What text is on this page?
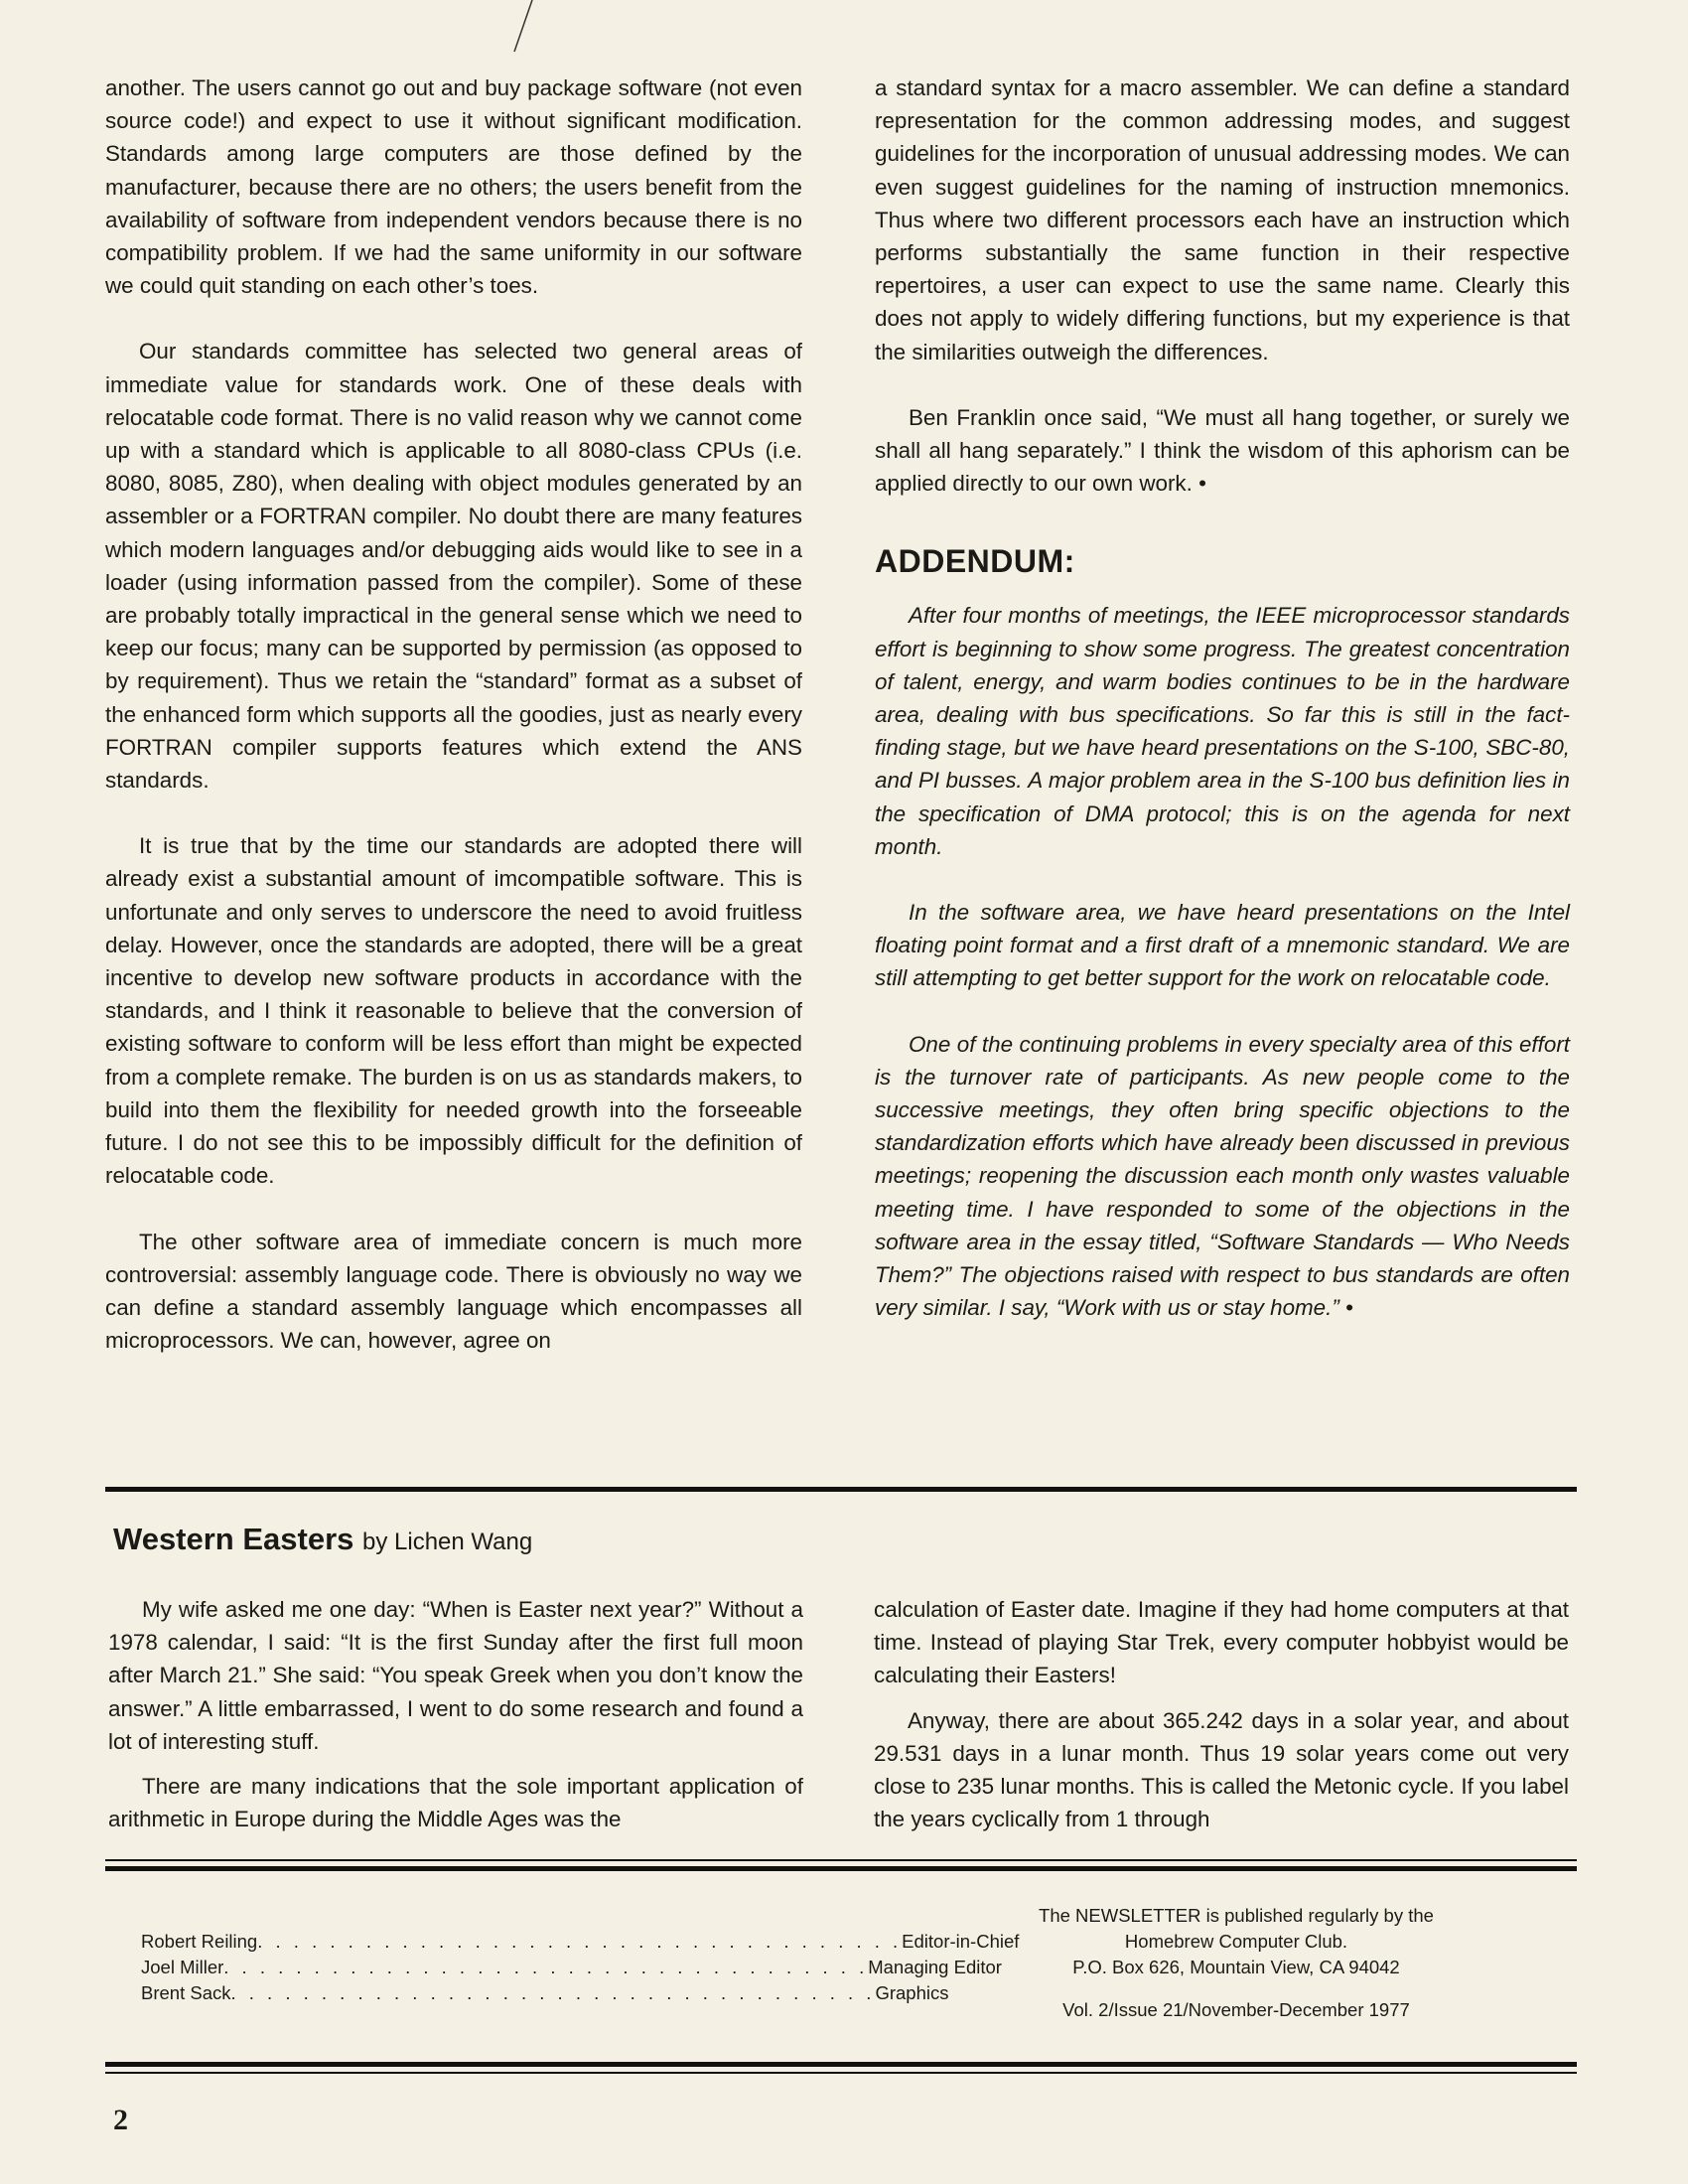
another. The users cannot go out and buy package software (not even source code!) and expect to use it without significant modification. Standards among large computers are those defined by the manufacturer, because there are no others; the users benefit from the availability of software from independent vendors because there is no compatibility problem. If we had the same uniformity in our software we could quit standing on each other’s toes.

Our standards committee has selected two general areas of immediate value for standards work. One of these deals with relocatable code format. There is no valid reason why we cannot come up with a standard which is applicable to all 8080-class CPUs (i.e. 8080, 8085, Z80), when dealing with object modules generated by an assembler or a FORTRAN compiler. No doubt there are many features which modern languages and/or debugging aids would like to see in a loader (using information passed from the compiler). Some of these are probably totally impractical in the general sense which we need to keep our focus; many can be supported by permission (as opposed to by requirement). Thus we retain the “standard” format as a subset of the enhanced form which supports all the goodies, just as nearly every FORTRAN compiler supports features which extend the ANS standards.

It is true that by the time our standards are adopted there will already exist a substantial amount of imcompatible software. This is unfortunate and only serves to underscore the need to avoid fruitless delay. However, once the standards are adopted, there will be a great incentive to develop new software products in accordance with the standards, and I think it reasonable to believe that the conversion of existing software to conform will be less effort than might be expected from a complete remake. The burden is on us as standards makers, to build into them the flexibility for needed growth into the forseeable future. I do not see this to be impossibly difficult for the definition of relocatable code.

The other software area of immediate concern is much more controversial: assembly language code. There is obviously no way we can define a standard assembly language which encompasses all microprocessors. We can, however, agree on

a standard syntax for a macro assembler. We can define a standard representation for the common addressing modes, and suggest guidelines for the incorporation of unusual addressing modes. We can even suggest guidelines for the naming of instruction mnemonics. Thus where two different processors each have an instruction which performs substantially the same function in their respective repertoires, a user can expect to use the same name. Clearly this does not apply to widely differing functions, but my experience is that the similarities outweigh the differences.

Ben Franklin once said, “We must all hang together, or surely we shall all hang separately.” I think the wisdom of this aphorism can be applied directly to our own work. •

ADDENDUM:

After four months of meetings, the IEEE microprocessor standards effort is beginning to show some progress. The greatest concentration of talent, energy, and warm bodies continues to be in the hardware area, dealing with bus specifications. So far this is still in the fact-finding stage, but we have heard presentations on the S-100, SBC-80, and PI busses. A major problem area in the S-100 bus definition lies in the specification of DMA protocol; this is on the agenda for next month.

In the software area, we have heard presentations on the Intel floating point format and a first draft of a mnemonic standard. We are still attempting to get better support for the work on relocatable code.

One of the continuing problems in every specialty area of this effort is the turnover rate of participants. As new people come to the successive meetings, they often bring specific objections to the standardization efforts which have already been discussed in previous meetings; reopening the discussion each month only wastes valuable meeting time. I have responded to some of the objections in the software area in the essay titled, “Software Standards — Who Needs Them?” The objections raised with respect to bus standards are often very similar. I say, “Work with us or stay home.” •

Western Easters by Lichen Wang

My wife asked me one day: “When is Easter next year?” Without a 1978 calendar, I said: “It is the first Sunday after the first full moon after March 21.” She said: “You speak Greek when you don’t know the answer.” A little embarrassed, I went to do some research and found a lot of interesting stuff.

There are many indications that the sole important application of arithmetic in Europe during the Middle Ages was the

calculation of Easter date. Imagine if they had home computers at that time. Instead of playing Star Trek, every computer hobbyist would be calculating their Easters!

Anyway, there are about 365.242 days in a solar year, and about 29.531 days in a lunar month. Thus 19 solar years come out very close to 235 lunar months. This is called the Metonic cycle. If you label the years cyclically from 1 through

Robert Reiling . . . . . . . . . . . . . . . . . . . . . . . . . . . . . . . . . . . . Editor-in-Chief
Joel Miller . . . . . . . . . . . . . . . . . . . . . . . . . . . . . . . . . . . . Managing Editor
Brent Sack . . . . . . . . . . . . . . . . . . . . . . . . . . . . . . . . . . . . Graphics
The NEWSLETTER is published regularly by the
Homebrew Computer Club.
P.O. Box 626, Mountain View, CA 94042
Vol. 2/Issue 21/November-December 1977

2
